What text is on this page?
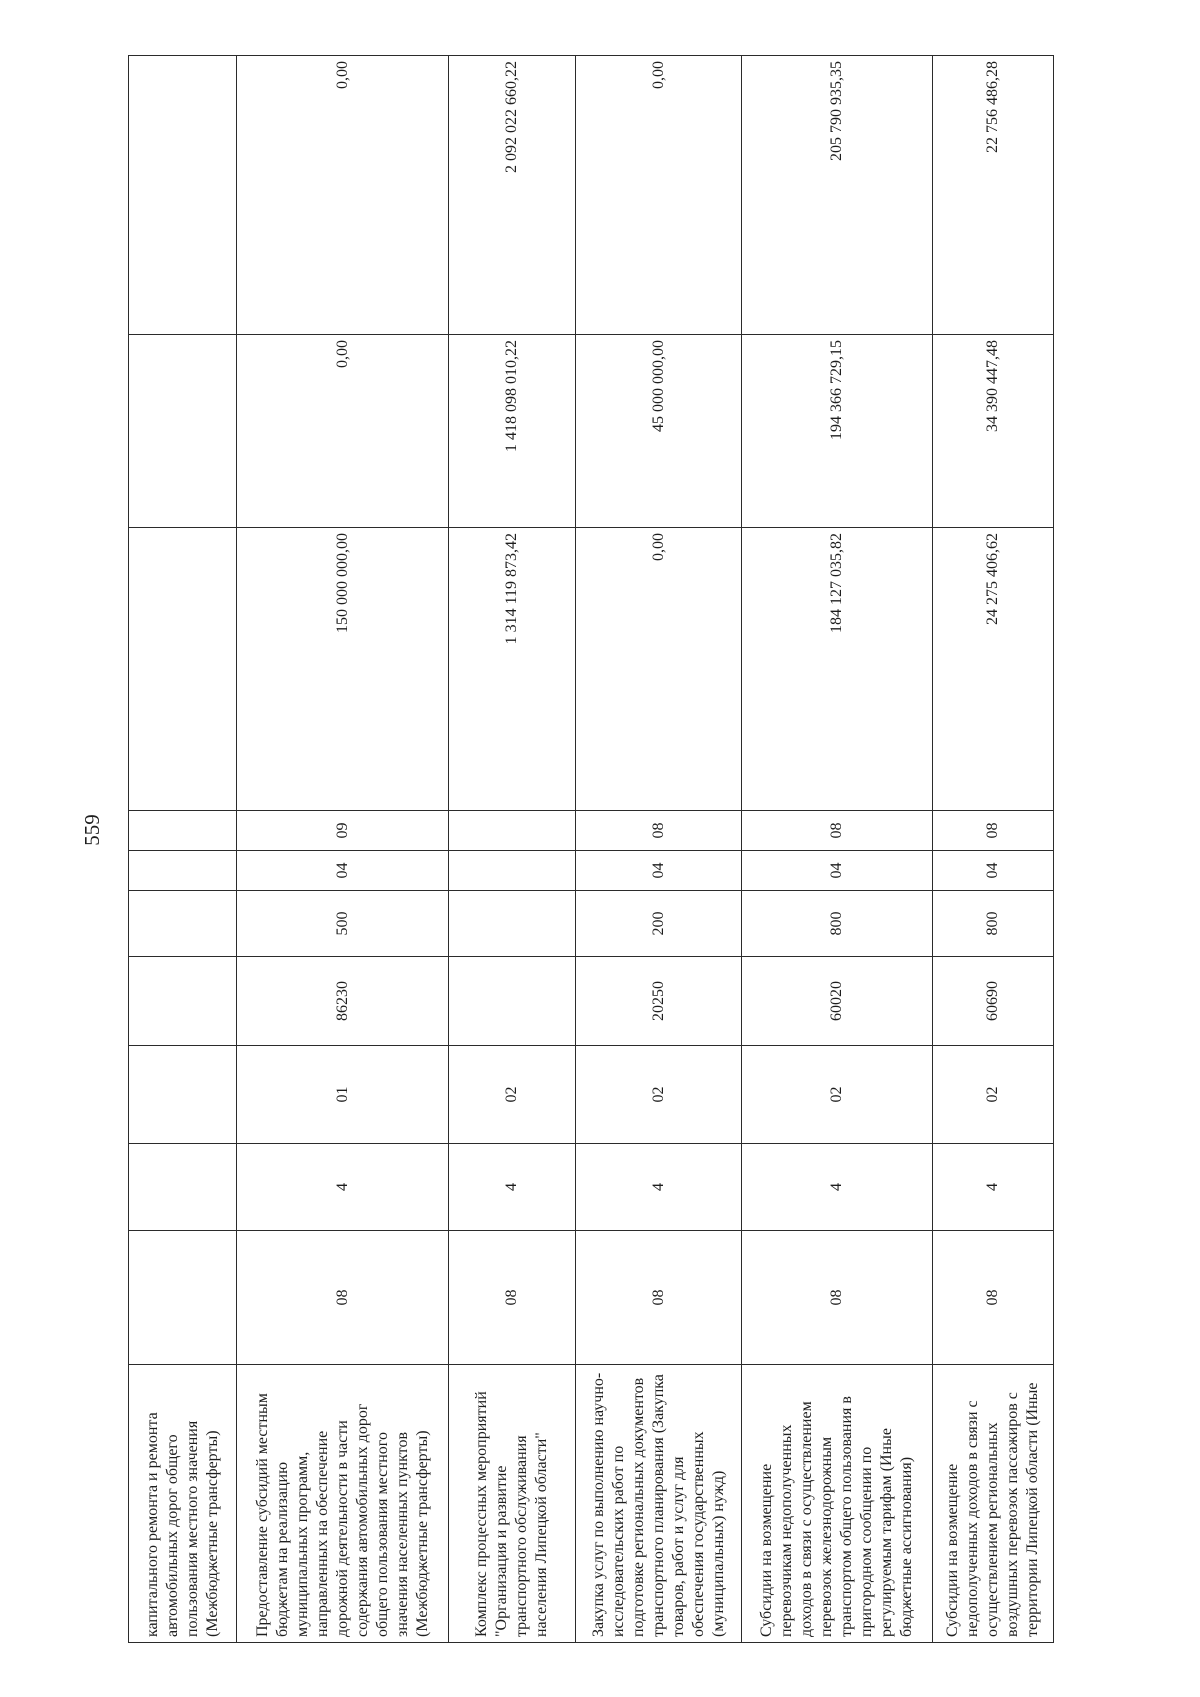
559
капитального ремонта и ремонта автомобильных дорог общего пользования местного значения (Межбюджетные трансферты)										
Предоставление субсидий местным бюджетам на реализацию муниципальных программ, направленных на обеспечение дорожной деятельности в части содержания автомобильных дорог общего пользования местного значения населенных пунктов (Межбюджетные трансферты)	08	4	01	86230	500	04	09	150 000 000,00	0,00	0,00
Комплекс процессных мероприятий "Организация и развитие транспортного обслуживания населения Липецкой области"	08	4	02					1 314 119 873,42	1 418 098 010,22	2 092 022 660,22
Закупка услуг по выполнению научно-исследовательских работ по подготовке региональных документов транспортного планирования (Закупка товаров, работ и услуг для обеспечения государственных (муниципальных) нужд)	08	4	02	20250	200	04	08	0,00	45 000 000,00	0,00
Субсидии на возмещение перевозчикам недополученных доходов в связи с осуществлением перевозок железнодорожным транспортом общего пользования в пригородном сообщении по регулируемым тарифам (Иные бюджетные ассигнования)	08	4	02	60020	800	04	08	184 127 035,82	194 366 729,15	205 790 935,35
Субсидии на возмещение недополученных доходов в связи с осуществлением региональных воздушных перевозок пассажиров с территории Липецкой области (Иные	08	4	02	60690	800	04	08	24 275 406,62	34 390 447,48	22 756 486,28
